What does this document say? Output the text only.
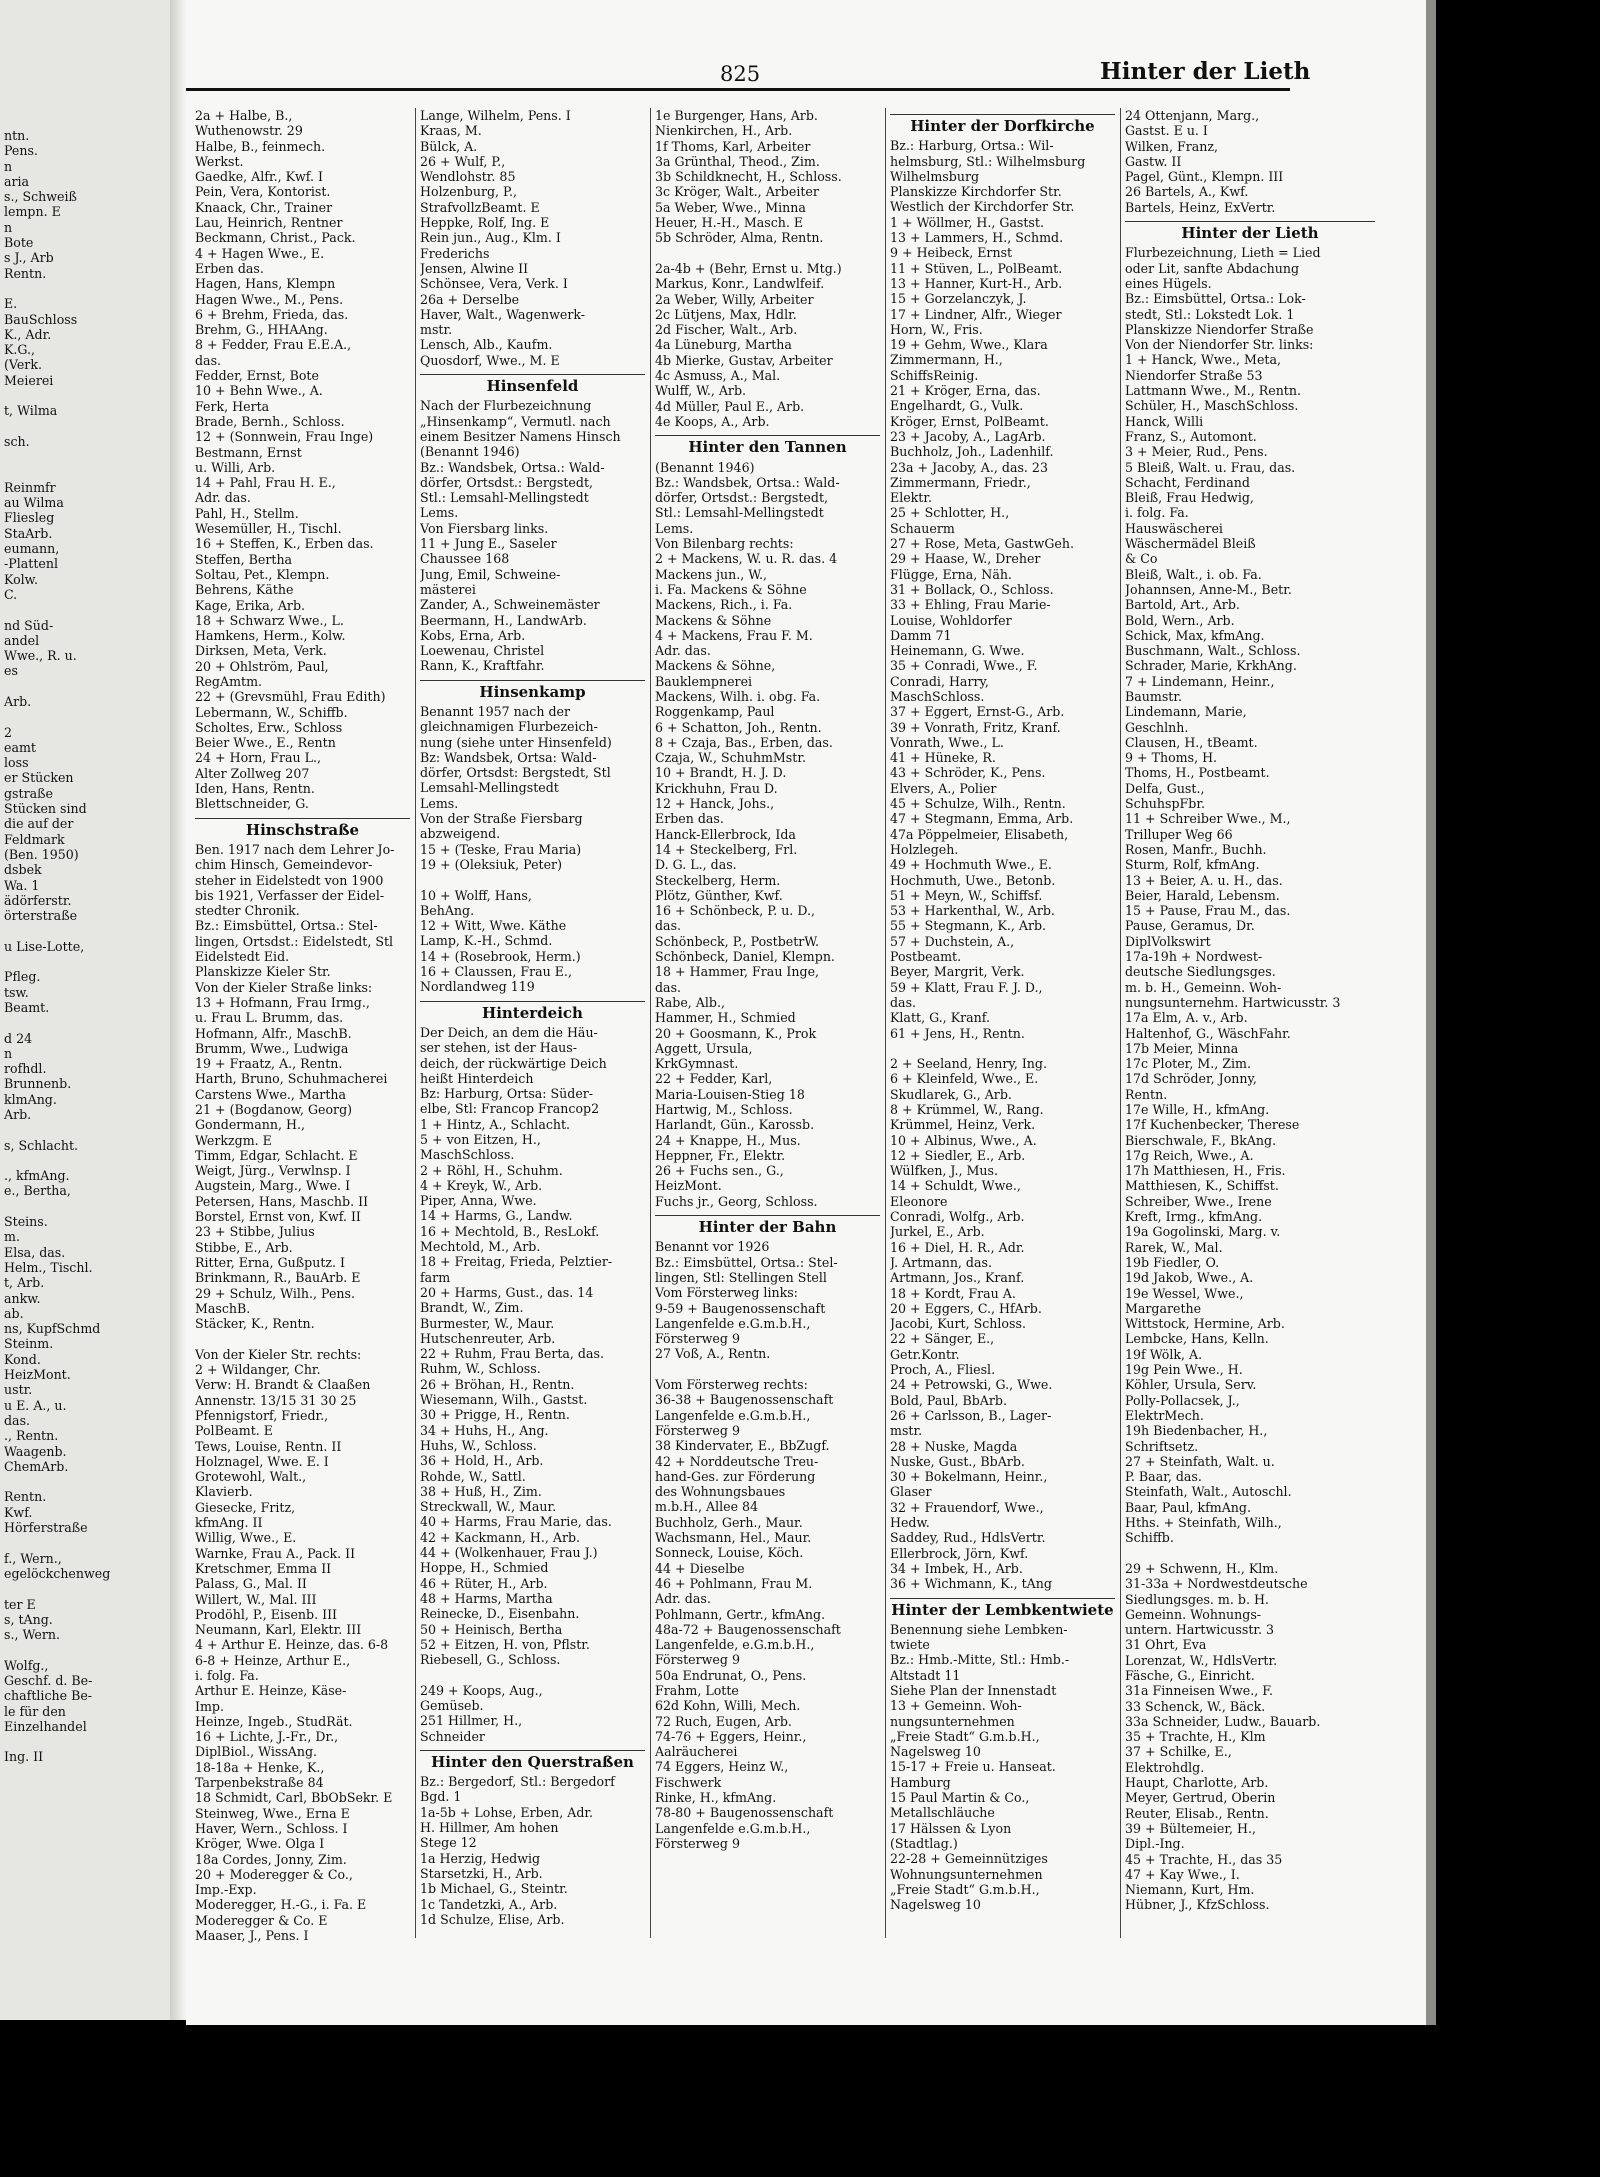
ntn.
Pens.
n
aria
s., Schweiß
lempn. E
n
Bote
s J., Arb
Rentn.

E.
BauSchloss
K., Adr.
K.G.,
(Verk.
Meierei

t, Wilma

sch.

Reinmfr
au Wilma
Fliesleg
StaArb.
eumann,
-Plattenl
Kolw.
C.

nd Süd-
andel
Wwe., R. u.
es

Arb.

2
eamt
loss
er Stücken
gstraße
Stücken sind
die auf der
Feldmark
(Ben. 1950)
dsbek
Wa. 1
ädörferstr.
örterstraße

u Lise-Lotte,

Pfleg.
tsw.
Beamt.

d 24
n
rofhdl.
Brunnenb.
klmAng.
Arb.

s, Schlacht.

., kfmAng.
e., Bertha,

Steins.
m.
Elsa, das.
Helm., Tischl.
t, Arb.
ankw.
ab.
ns, KupfSchmd
Steinm.
Kond.
HeizMont.
ustr.
u E. A., u.
das.
., Rentn.
Waagenb.
ChemArb.

Rentn.
Kwf.
Hörferstraße

f., Wern.,
egelöckchenweg

ter E
s, tAng.
s., Wern.

Wolfg.,
Geschf. d. Be-
chaftliche Be-
le für den
Einzelhandel

Ing. II
825	Hinter der Lieth
2a + Halbe, B.,
Wuthenowstr. 29
Halbe, B., feinmech.
Werkst.
Gaedke, Alfr., Kwf. I
Pein, Vera, Kontorist.
Knaack, Chr., Trainer
Lau, Heinrich, Rentner
Beckmann, Christ., Pack.
4 + Hagen Wwe., E.
Erben das.
Hagen, Hans, Klempn
Hagen Wwe., M., Pens.
6 + Brehm, Frieda, das.
Brehm, G., HHAAng.
8 + Fedder, Frau E.E.A.,
das.
Fedder, Ernst, Bote
10 + Behn Wwe., A.
Ferk, Herta
Brade, Bernh., Schloss.
12 + (Sonnwein, Frau Inge)
Bestmann, Ernst
u. Willi, Arb.
14 + Pahl, Frau H. E.,
Adr. das.
Pahl, H., Stellm.
Wesemüller, H., Tischl.
16 + Steffen, K., Erben das.
Steffen, Bertha
Soltau, Pet., Klempn.
Behrens, Käthe
Kage, Erika, Arb.
18 + Schwarz Wwe., L.
Hamkens, Herm., Kolw.
Dirksen, Meta, Verk.
20 + Ohlström, Paul,
RegAmtm.
22 + (Grevsmühl, Frau Edith)
Lebermann, W., Schiffb.
Scholtes, Erw., Schloss
Beier Wwe., E., Rentn
24 + Horn, Frau L.,
Alter Zollweg 207
Iden, Hans, Rentn.
Blettschneider, G.
Hinschstraße
Ben. 1917 nach dem Lehrer Jo-
chim Hinsch, Gemeindevor-
steher in Eidelstedt von 1900
bis 1921, Verfasser der Eidel-
stedter Chronik.
Bz.: Eimsbüttel, Ortsa.: Stel-
lingen, Ortsdst.: Eidelstedt, Stl
Eidelstedt Eid.
Planskizze Kieler Str.
Von der Kieler Straße links:
13 + Hofmann, Frau Irmg.,
u. Frau L. Brumm, das.
Hofmann, Alfr., MaschB.
Brumm, Wwe., Ludwiga
19 + Fraatz, A., Rentn.
Harth, Bruno, Schuhmacherei
Carstens Wwe., Martha
21 + (Bogdanow, Georg)
Gondermann, H.,
Werkzgm. E
Timm, Edgar, Schlacht. E
Weigt, Jürg., Verwlnsp. I
Augstein, Marg., Wwe. I
Petersen, Hans, Maschb. II
Borstel, Ernst von, Kwf. II
23 + Stibbe, Julius
Stibbe, E., Arb.
Ritter, Erna, Gußputz. I
Brinkmann, R., BauArb. E
29 + Schulz, Wilh., Pens.
MaschB.
Stäcker, K., Rentn.

Von der Kieler Str. rechts:
2 + Wildanger, Chr.
Verw: H. Brandt & Claaßen
Annenstr. 13/15 31 30 25
Pfennigstorf, Friedr.,
PolBeamt. E
Tews, Louise, Rentn. II
Holznagel, Wwe. E. I
Grotewohl, Walt.,
Klavierb.
Giesecke, Fritz,
kfmAng. II
Willig, Wwe., E.
Warnke, Frau A., Pack. II
Kretschmer, Emma II
Palass, G., Mal. II
Willert, W., Mal. III
Prodöhl, P., Eisenb. III
Neumann, Karl, Elektr. III
4 + Arthur E. Heinze, das. 6-8
6-8 + Heinze, Arthur E.,
i. folg. Fa.
Arthur E. Heinze, Käse-
Imp.
Heinze, Ingeb., StudRät.
16 + Lichte, J.-Fr., Dr.,
DiplBiol., WissAng.
18-18a + Henke, K.,
Tarpenbekstraße 84
18 Schmidt, Carl, BbObSekr. E
Steinweg, Wwe., Erna E
Haver, Wern., Schloss. I
Kröger, Wwe. Olga I
18a Cordes, Jonny, Zim.
20 + Moderegger & Co.,
Imp.-Exp.
Moderegger, H.-G., i. Fa. E
Moderegger & Co. E
Maaser, J., Pens. I
Lange, Wilhelm, Pens. I
Kraas, M.
Bülck, A.
26 + Wulf, P.,
Wendlohstr. 85
Holzenburg, P.,
StrafvollzBeamt. E
Heppke, Rolf, Ing. E
Rein jun., Aug., Klm. I
Frederichs
Jensen, Alwine II
Schönsee, Vera, Verk. I
26a + Derselbe
Haver, Walt., Wagenwerk-
mstr.
Lensch, Alb., Kaufm.
Quosdorf, Wwe., M. E
Hinsenfeld
Nach der Flurbezeichnung
„Hinsenkamp“, Vermutl. nach
einem Besitzer Namens Hinsch
(Benannt 1946)
Bz.: Wandsbek, Ortsa.: Wald-
dörfer, Ortsdst.: Bergstedt,
Stl.: Lemsahl-Mellingstedt
Lems.
Von Fiersbarg links.
11 + Jung E., Saseler
Chaussee 168
Jung, Emil, Schweine-
mästerei
Zander, A., Schweinemäster
Beermann, H., LandwArb.
Kobs, Erna, Arb.
Loewenau, Christel
Rann, K., Kraftfahr.
Hinsenkamp
Benannt 1957 nach der
gleichnamigen Flurbezeich-
nung (siehe unter Hinsenfeld)
Bz: Wandsbek, Ortsa: Wald-
dörfer, Ortsdst: Bergstedt, Stl
Lemsahl-Mellingstedt
Lems.
Von der Straße Fiersbarg
abzweigend.
15 + (Teske, Frau Maria)
19 + (Oleksiuk, Peter)

10 + Wolff, Hans,
BehAng.
12 + Witt, Wwe. Käthe
Lamp, K.-H., Schmd.
14 + (Rosebrook, Herm.)
16 + Claussen, Frau E.,
Nordlandweg 119
Hinterdeich
Der Deich, an dem die Häu-
ser stehen, ist der Haus-
deich, der rückwärtige Deich
heißt Hinterdeich
Bz: Harburg, Ortsa: Süder-
elbe, Stl: Francop Francop2
1 + Hintz, A., Schlacht.
5 + von Eitzen, H.,
MaschSchloss.
2 + Röhl, H., Schuhm.
4 + Kreyk, W., Arb.
Piper, Anna, Wwe.
14 + Harms, G., Landw.
16 + Mechtold, B., ResLokf.
Mechtold, M., Arb.
18 + Freitag, Frieda, Pelztier-
farm
20 + Harms, Gust., das. 14
Brandt, W., Zim.
Burmester, W., Maur.
Hutschenreuter, Arb.
22 + Ruhm, Frau Berta, das.
Ruhm, W., Schloss.
26 + Bröhan, H., Rentn.
Wiesemann, Wilh., Gastst.
30 + Prigge, H., Rentn.
34 + Huhs, H., Ang.
Huhs, W., Schloss.
36 + Hold, H., Arb.
Rohde, W., Sattl.
38 + Huß, H., Zim.
Streckwall, W., Maur.
40 + Harms, Frau Marie, das.
42 + Kackmann, H., Arb.
44 + (Wolkenhauer, Frau J.)
Hoppe, H., Schmied
46 + Rüter, H., Arb.
48 + Harms, Martha
Reinecke, D., Eisenbahn.
50 + Heinisch, Bertha
52 + Eitzen, H. von, Pflstr.
Riebesell, G., Schloss.

249 + Koops, Aug.,
Gemüseb.
251 Hillmer, H.,
Schneider
Hinter den Querstraßen
Bz.: Bergedorf, Stl.: Bergedorf
Bgd. 1
1a-5b + Lohse, Erben, Adr.
H. Hillmer, Am hohen
Stege 12
1a Herzig, Hedwig
Starsetzki, H., Arb.
1b Michael, G., Steintr.
1c Tandetzki, A., Arb.
1d Schulze, Elise, Arb.
1e Burgenger, Hans, Arb.
Nienkirchen, H., Arb.
1f Thoms, Karl, Arbeiter
3a Grünthal, Theod., Zim.
3b Schildknecht, H., Schloss.
3c Kröger, Walt., Arbeiter
5a Weber, Wwe., Minna
Heuer, H.-H., Masch. E
5b Schröder, Alma, Rentn.

2a-4b + (Behr, Ernst u. Mtg.)
Markus, Konr., Landwlfeif.
2a Weber, Willy, Arbeiter
2c Lütjens, Max, Hdlr.
2d Fischer, Walt., Arb.
4a Lüneburg, Martha
4b Mierke, Gustav, Arbeiter
4c Asmuss, A., Mal.
Wulff, W., Arb.
4d Müller, Paul E., Arb.
4e Koops, A., Arb.
Hinter den Tannen
(Benannt 1946)
Bz.: Wandsbek, Ortsa.: Wald-
dörfer, Ortsdst.: Bergstedt,
Stl.: Lemsahl-Mellingstedt
Lems.
Von Bilenbarg rechts:
2 + Mackens, W. u. R. das. 4
Mackens jun., W.,
i. Fa. Mackens & Söhne
Mackens, Rich., i. Fa.
Mackens & Söhne
4 + Mackens, Frau F. M.
Adr. das.
Mackens & Söhne,
Bauklempnerei
Mackens, Wilh. i. obg. Fa.
Roggenkamp, Paul
6 + Schatton, Joh., Rentn.
8 + Czaja, Bas., Erben, das.
Czaja, W., SchuhmMstr.
10 + Brandt, H. J. D.
Krickhuhn, Frau D.
12 + Hanck, Johs.,
Erben das.
Hanck-Ellerbrock, Ida
14 + Steckelberg, Frl.
D. G. L., das.
Steckelberg, Herm.
Plötz, Günther, Kwf.
16 + Schönbeck, P. u. D.,
das.
Schönbeck, P., PostbetrW.
Schönbeck, Daniel, Klempn.
18 + Hammer, Frau Inge,
das.
Rabe, Alb.,
Hammer, H., Schmied
20 + Goosmann, K., Prok
Aggett, Ursula,
KrkGymnast.
22 + Fedder, Karl,
Maria-Louisen-Stieg 18
Hartwig, M., Schloss.
Harlandt, Gün., Karossb.
24 + Knappe, H., Mus.
Heppner, Fr., Elektr.
26 + Fuchs sen., G.,
HeizMont.
Fuchs jr., Georg, Schloss.
Hinter der Bahn
Benannt vor 1926
Bz.: Eimsbüttel, Ortsa.: Stel-
lingen, Stl: Stellingen Stell
Vom Försterweg links:
9-59 + Baugenossenschaft
Langenfelde e.G.m.b.H.,
Försterweg 9
27 Voß, A., Rentn.

Vom Försterweg rechts:
36-38 + Baugenossenschaft
Langenfelde e.G.m.b.H.,
Försterweg 9
38 Kindervater, E., BbZugf.
42 + Norddeutsche Treu-
hand-Ges. zur Förderung
des Wohnungsbaues
m.b.H., Allee 84
Buchholz, Gerh., Maur.
Wachsmann, Hel., Maur.
Sonneck, Louise, Köch.
44 + Dieselbe
46 + Pohlmann, Frau M.
Adr. das.
Pohlmann, Gertr., kfmAng.
48a-72 + Baugenossenschaft
Langenfelde, e.G.m.b.H.,
Försterweg 9
50a Endrunat, O., Pens.
Frahm, Lotte
62d Kohn, Willi, Mech.
72 Ruch, Eugen, Arb.
74-76 + Eggers, Heinr.,
Aalräucherei
74 Eggers, Heinz W.,
Fischwerk
Rinke, H., kfmAng.
78-80 + Baugenossenschaft
Langenfelde e.G.m.b.H.,
Försterweg 9
Hinter der Dorfkirche
Bz.: Harburg, Ortsa.: Wil-
helmsburg, Stl.: Wilhelmsburg
Wilhelmsburg
Planskizze Kirchdorfer Str.
Westlich der Kirchdorfer Str.
1 + Wöllmer, H., Gastst.
13 + Lammers, H., Schmd.
9 + Heibeck, Ernst
11 + Stüven, L., PolBeamt.
13 + Hanner, Kurt-H., Arb.
15 + Gorzelanczyk, J.
17 + Lindner, Alfr., Wieger
Horn, W., Fris.
19 + Gehm, Wwe., Klara
Zimmermann, H.,
SchiffsReinig.
21 + Kröger, Erna, das.
Engelhardt, G., Vulk.
Kröger, Ernst, PolBeamt.
23 + Jacoby, A., LagArb.
Buchholz, Joh., Ladenhilf.
23a + Jacoby, A., das. 23
Zimmermann, Friedr.,
Elektr.
25 + Schlotter, H.,
Schauerm
27 + Rose, Meta, GastwGeh.
29 + Haase, W., Dreher
Flügge, Erna, Näh.
31 + Bollack, O., Schloss.
33 + Ehling, Frau Marie-
Louise, Wohldorfer
Damm 71
Heinemann, G. Wwe.
35 + Conradi, Wwe., F.
Conradi, Harry,
MaschSchloss.
37 + Eggert, Ernst-G., Arb.
39 + Vonrath, Fritz, Kranf.
Vonrath, Wwe., L.
41 + Hüneke, R.
43 + Schröder, K., Pens.
Elvers, A., Polier
45 + Schulze, Wilh., Rentn.
47 + Stegmann, Emma, Arb.
47a Pöppelmeier, Elisabeth,
Holzlegeh.
49 + Hochmuth Wwe., E.
Hochmuth, Uwe., Betonb.
51 + Meyn, W., Schiffsf.
53 + Harkenthal, W., Arb.
55 + Stegmann, K., Arb.
57 + Duchstein, A.,
Postbeamt.
Beyer, Margrit, Verk.
59 + Klatt, Frau F. J. D.,
das.
Klatt, G., Kranf.
61 + Jens, H., Rentn.

2 + Seeland, Henry, Ing.
6 + Kleinfeld, Wwe., E.
Skudlarek, G., Arb.
8 + Krümmel, W., Rang.
Krümmel, Heinz, Verk.
10 + Albinus, Wwe., A.
12 + Siedler, E., Arb.
Wülfken, J., Mus.
14 + Schuldt, Wwe.,
Eleonore
Conradi, Wolfg., Arb.
Jurkel, E., Arb.
16 + Diel, H. R., Adr.
J. Artmann, das.
Artmann, Jos., Kranf.
18 + Kordt, Frau A.
20 + Eggers, C., HfArb.
Jacobi, Kurt, Schloss.
22 + Sänger, E.,
Getr.Kontr.
Proch, A., Fliesl.
24 + Petrowski, G., Wwe.
Bold, Paul, BbArb.
26 + Carlsson, B., Lager-
mstr.
28 + Nuske, Magda
Nuske, Gust., BbArb.
30 + Bokelmann, Heinr.,
Glaser
32 + Frauendorf, Wwe.,
Hedw.
Saddey, Rud., HdlsVertr.
Ellerbrock, Jörn, Kwf.
34 + Imbek, H., Arb.
36 + Wichmann, K., tAng
Hinter der Lembkentwiete
Benennung siehe Lembken-
twiete
Bz.: Hmb.-Mitte, Stl.: Hmb.-
Altstadt 11
Siehe Plan der Innenstadt
13 + Gemeinn. Woh-
nungsunternehmen
„Freie Stadt“ G.m.b.H.,
Nagelsweg 10
15-17 + Freie u. Hanseat.
Hamburg
15 Paul Martin & Co.,
Metallschläuche
17 Hälssen & Lyon
(Stadtlag.)
22-28 + Gemeinnütziges
Wohnungsunternehmen
„Freie Stadt“ G.m.b.H.,
Nagelsweg 10
24 Ottenjann, Marg.,
Gastst. E u. I
Wilken, Franz,
Gastw. II
Pagel, Günt., Klempn. III
26 Bartels, A., Kwf.
Bartels, Heinz, ExVertr.
Hinter der Lieth
Flurbezeichnung, Lieth = Lied
oder Lit, sanfte Abdachung
eines Hügels.
Bz.: Eimsbüttel, Ortsa.: Lok-
stedt, Stl.: Lokstedt Lok. 1
Planskizze Niendorfer Straße
Von der Niendorfer Str. links:
1 + Hanck, Wwe., Meta,
Niendorfer Straße 53
Lattmann Wwe., M., Rentn.
Schüler, H., MaschSchloss.
Hanck, Willi
Franz, S., Automont.
3 + Meier, Rud., Pens.
5 Bleiß, Walt. u. Frau, das.
Schacht, Ferdinand
Bleiß, Frau Hedwig,
i. folg. Fa.
Hauswäscherei
Wäschermädel Bleiß
& Co
Bleiß, Walt., i. ob. Fa.
Johannsen, Anne-M., Betr.
Bartold, Art., Arb.
Bold, Wern., Arb.
Schick, Max, kfmAng.
Buschmann, Walt., Schloss.
Schrader, Marie, KrkhAng.
7 + Lindemann, Heinr.,
Baumstr.
Lindemann, Marie,
Geschlnh.
Clausen, H., tBeamt.
9 + Thoms, H.
Thoms, H., Postbeamt.
Delfa, Gust.,
SchuhspFbr.
11 + Schreiber Wwe., M.,
Trilluper Weg 66
Rosen, Manfr., Buchh.
Sturm, Rolf, kfmAng.
13 + Beier, A. u. H., das.
Beier, Harald, Lebensm.
15 + Pause, Frau M., das.
Pause, Geramus, Dr.
DiplVolkswirt
17a-19h + Nordwest-
deutsche Siedlungsges.
m. b. H., Gemeinn. Woh-
nungsunternehm. Hartwicusstr. 3
17a Elm, A. v., Arb.
Haltenhof, G., WäschFahr.
17b Meier, Minna
17c Ploter, M., Zim.
17d Schröder, Jonny,
Rentn.
17e Wille, H., kfmAng.
17f Kuchenbecker, Therese
Bierschwale, F., BkAng.
17g Reich, Wwe., A.
17h Matthiesen, H., Fris.
Matthiesen, K., Schiffst.
Schreiber, Wwe., Irene
Kreft, Irmg., kfmAng.
19a Gogolinski, Marg. v.
Rarek, W., Mal.
19b Fiedler, O.
19d Jakob, Wwe., A.
19e Wessel, Wwe.,
Margarethe
Wittstock, Hermine, Arb.
Lembcke, Hans, Kelln.
19f Wölk, A.
19g Pein Wwe., H.
Köhler, Ursula, Serv.
Polly-Pollacsek, J.,
ElektrMech.
19h Biedenbacher, H.,
Schriftsetz.
27 + Steinfath, Walt. u.
P. Baar, das.
Steinfath, Walt., Autoschl.
Baar, Paul, kfmAng.
Hths. + Steinfath, Wilh.,
Schiffb.

29 + Schwenn, H., Klm.
31-33a + Nordwestdeutsche
Siedlungsges. m. b. H.
Gemeinn. Wohnungs-
untern. Hartwicusstr. 3
31 Ohrt, Eva
Lorenzat, W., HdlsVertr.
Fäsche, G., Einricht.
31a Finneisen Wwe., F.
33 Schenck, W., Bäck.
33a Schneider, Ludw., Bauarb.
35 + Trachte, H., Klm
37 + Schilke, E.,
Elektrohdlg.
Haupt, Charlotte, Arb.
Meyer, Gertrud, Oberin
Reuter, Elisab., Rentn.
39 + Bültemeier, H.,
Dipl.-Ing.
45 + Trachte, H., das 35
47 + Kay Wwe., I.
Niemann, Kurt, Hm.
Hübner, J., KfzSchloss.
